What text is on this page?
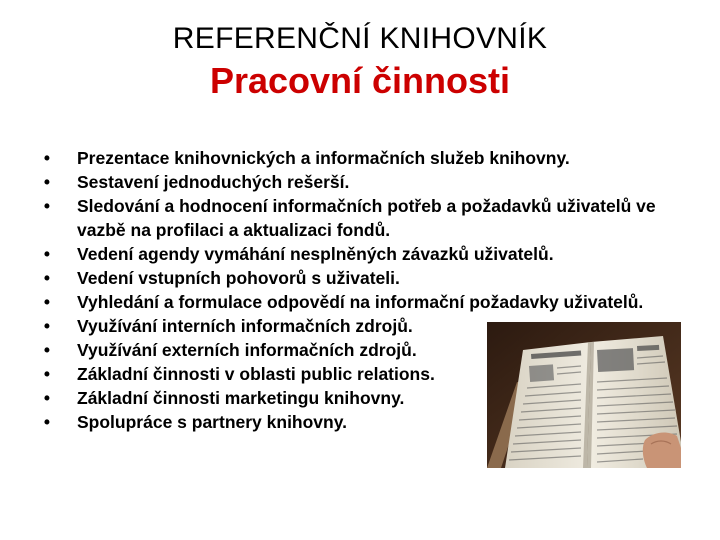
REFERENČNÍ KNIHOVNÍK
Pracovní činnosti
• Prezentace knihovnických a informačních služeb knihovny.
• Sestavení jednoduchých rešerší.
• Sledování a hodnocení informačních potřeb a požadavků uživatelů ve vazbě na profilaci a aktualizaci fondů.
• Vedení agendy vymáhání nesplněných závazků uživatelů.
• Vedení vstupních pohovorů s uživateli.
• Vyhledání a formulace odpovědí na informační požadavky uživatelů.
• Využívání interních informačních zdrojů.
• Využívání externích informačních zdrojů.
• Základní činnosti v oblasti public relations.
• Základní činnosti marketingu knihovny.
• Spolupráce s partnery knihovny.
